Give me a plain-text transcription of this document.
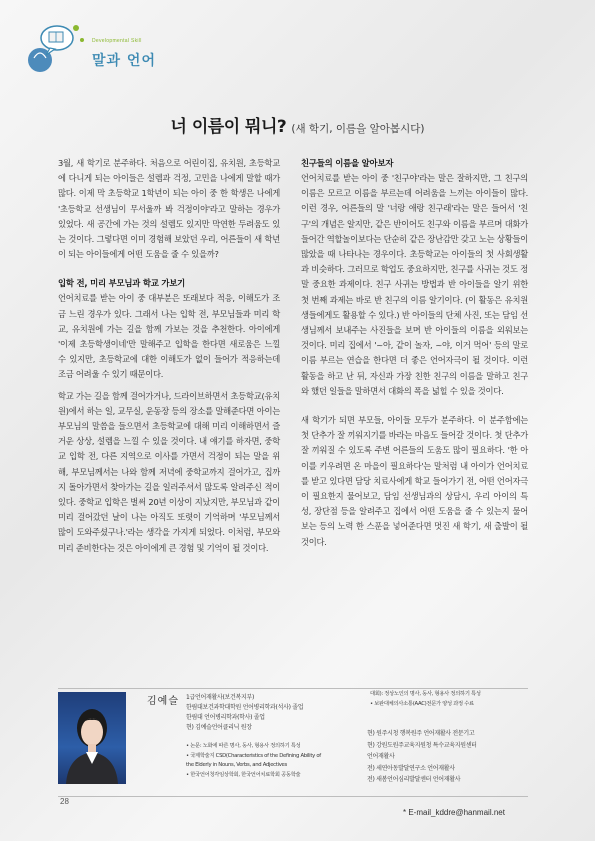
Developmental Skill
말과 언어
너 이름이 뭐니? (새 학기, 이름을 알아봅시다)

3월, 새 학기로 분주하다. 처음으로 어린이집, 유치원, 초등학교에 다니게 되는 아이들은 설렘과 걱정, 고민을 나에게 말할 때가 많다. 이제 막 초등학교 1학년이 되는 아이 중 한 학생은 나에게 '초등학교 선생님이 무서울까 봐 걱정이야'라고 말하는 경우가 있었다. 새 공간에 가는 것의 설렘도 있지만 막연한 두려움도 있는 것이다. 그렇다면 이미 경험해 보았던 우리, 어른들이 새 학년이 되는 아이들에게 어떤 도움을 줄 수 있을까?

입학 전, 미리 부모님과 학교 가보기

언어치료를 받는 아이 중 대부분은 또래보다 적응, 이해도가 조금 느린 경우가 있다. 그래서 나는 입학 전, 부모님들과 미리 학교, 유치원에 가는 길을 함께 가보는 것을 추천한다. 아이에게 '이제 초등학생이네'만 말해주고 입학을 한다면 새로움은 느낄 수 있지만, 초등학교에 대한 이해도가 없이 들어가 적응하는데 조금 어려울 수 있기 때문이다.

학교 가는 길을 함께 걸어가거나, 드라이브하면서 초등학교(유치원)에서 하는 일, 교무실, 운동장 등의 장소를 말해준다면 아이는 부모님의 말씀을 들으면서 초등학교에 대해 미리 이해하면서 즐거운 상상, 설렘을 느낄 수 있을 것이다. 내 얘기를 하자면, 중학교 입학 전, 다른 지역으로 이사를 가면서 걱정이 되는 말을 위해, 부모님께서는 나와 함께 저녁에 중학교까지 걸어가고, 집까지 돌아가면서 찾아가는 길을 일러주셔서 많도록 알려주신 적이 있다. 중학교 입학은 벌써 20년 이상이 지났지만, 부모님과 같이 미리 걸어갔던 날이 나는 아직도 또렷이 기억하며 '부모님께서 많이 도와주셨구나.'라는 생각을 가지게 되었다. 이처럼, 부모와 미리 준비한다는 것은 아이에게 큰 경험 및 기억이 될 것이다.

친구들의 이름을 알아보자

언어치료를 받는 아이 중 '친구야'라는 말은 잘하지만, 그 친구의 이름은 모르고 이름을 부르는데 어려움을 느끼는 아이들이 많다. 이런 경우, 어른들의 말 '너랑 애랑 친구래'라는 말은 들어서 '친구'의 개념은 알지만, 같은 반이어도 친구와 이름을 부르며 대화가 들어간 역할놀이보다는 단순히 같은 장난감만 갖고 노는 상황들이 많았을 때 나타나는 경우이다. 초등학교는 아이들의 첫 사회생활과 비슷하다. 그러므로 학업도 중요하지만, 친구를 사귀는 것도 정말 중요한 과제이다. 친구 사귀는 방법과 반 아이들을 알기 위한 첫 번째 과제는 바로 반 친구의 이름 알기이다. (이 활동은 유치원생들에게도 활용할 수 있다.) 반 아이들의 단체 사진, 또는 담임 선생님께서 보내주는 사진들을 보며 반 아이들의 이름을 외워보는 것이다. 미리 집에서 '~아, 같이 놀자, ~야, 이거 먹어' 등의 말로 이름 부르는 연습을 한다면 더 좋은 언어자극이 될 것이다. 이런 활동을 하고 난 뒤, 자신과 가장 친한 친구의 이름을 말하고 친구와 했던 일들을 말하면서 대화의 폭을 넓힐 수 있을 것이다.

새 학기가 되면 부모들, 아이들 모두가 분주하다. 이 분주함에는 첫 단추가 잘 끼워지기를 바라는 마음도 들어갈 것이다. 첫 단추가 잘 끼워질 수 있도록 주변 어른들의 도움도 많이 필요하다. '한 아이를 키우려면 온 마을이 필요하다'는 말처럼 내 아이가 언어치료를 받고 있다면 담당 치료사에게 학교 들어가기 전, 어떤 언어자극이 필요한지 물어보고, 담임 선생님과의 상담시, 우리 아이의 특성, 장단점 등을 알려주고 집에서 어떤 도움을 줄 수 있는지 물어보는 등의 노력 한 스푼을 넣어준다면 멋진 새 학기, 새 출발이 될 것이다.

김예슬 1급언어재활사(보건복지부)
한림대보건과학대학원 언어병리학과(석사) 졸업
한림대 언어병리학과(학사) 졸업
현) 김예슬언어클리닉 원장
• 논문: 노화에 따른 명사, 동사, 형용사 정의하기 특성
• 국제학술지 CSD(Characteristics of the Defining Ability of
the Elderly in Nouns, Verbs, and Adjectives
• 한국언어청각임상학회, 한국언어치료학회 공동학술
대회): 정상노인의 명사, 동사, 형용사 정의하기 특성
• 보완대체의사소통(AAC)전문가 양성 과정 수료
현) 원주시청 행복원주 언어재활사 전문기고
현) 강원도원주교육지원청 특수교육지원센터
언어재활사
전) 세연아동발달연구소 언어재활사
전) 새봄언어심리발달센터 언어재활사
28
* E-mail_kddre@hanmail.net
